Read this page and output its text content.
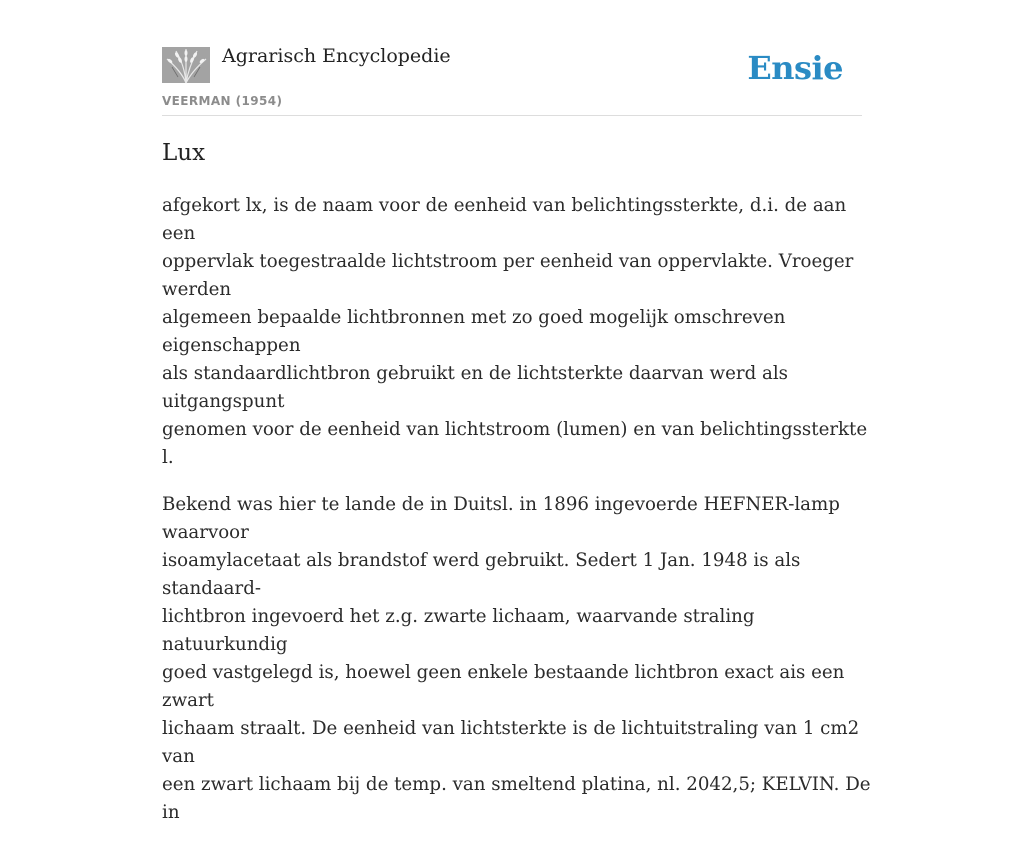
Agrarisch Encyclopedie
VEERMAN (1954)
Ensie
Lux

afgekort lx, is de naam voor de eenheid van belichtingssterkte, d.i. de aan een
oppervlak toegestraalde lichtstroom per eenheid van oppervlakte. Vroeger werden
algemeen bepaalde lichtbronnen met zo goed mogelijk omschreven eigenschappen
als standaardlichtbron gebruikt en de lichtsterkte daarvan werd als uitgangspunt
genomen voor de eenheid van lichtstroom (lumen) en van belichtingssterkte l.

Bekend was hier te lande de in Duitsl. in 1896 ingevoerde HEFNER-lamp waarvoor
isoamylacetaat als brandstof werd gebruikt. Sedert 1 Jan. 1948 is als standaard-
lichtbron ingevoerd het z.g. zwarte lichaam, waarvande straling natuurkundig
goed vastgelegd is, hoewel geen enkele bestaande lichtbron exact ais een zwart
lichaam straalt. De eenheid van lichtsterkte is de lichtuitstraling van 1 cm2 van
een zwart lichaam bij de temp. van smeltend platina, nl. 2042,5; KELVIN. De in
